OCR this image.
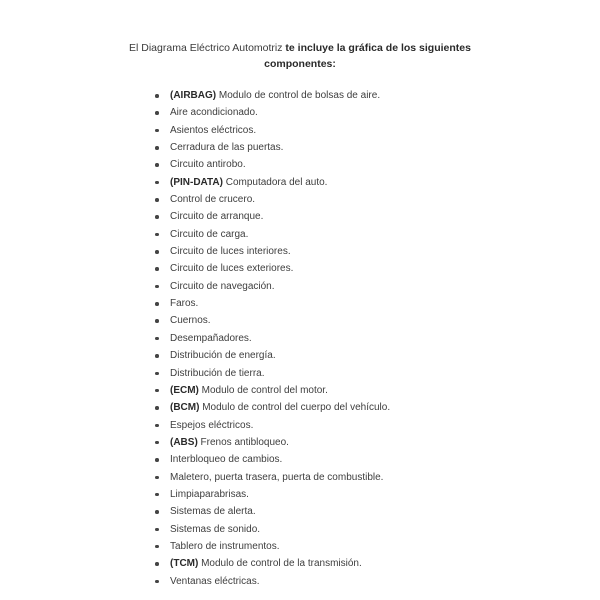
El Diagrama Eléctrico Automotriz te incluye la gráfica de los siguientes
componentes:
(AIRBAG) Modulo de control de bolsas de aire.
Aire acondicionado.
Asientos eléctricos.
Cerradura de las puertas.
Circuito antirobo.
(PIN-DATA) Computadora del auto.
Control de crucero.
Circuito de arranque.
Circuito de carga.
Circuito de luces interiores.
Circuito de luces exteriores.
Circuito de navegación.
Faros.
Cuernos.
Desempañadores.
Distribución de energía.
Distribución de tierra.
(ECM) Modulo de control del motor.
(BCM) Modulo de control del cuerpo del vehículo.
Espejos eléctricos.
(ABS) Frenos antibloqueo.
Interbloqueo de cambios.
Maletero, puerta trasera, puerta de combustible.
Limpiaparabrisas.
Sistemas de alerta.
Sistemas de sonido.
Tablero de instrumentos.
(TCM) Modulo de control de la transmisión.
Ventanas eléctricas.
